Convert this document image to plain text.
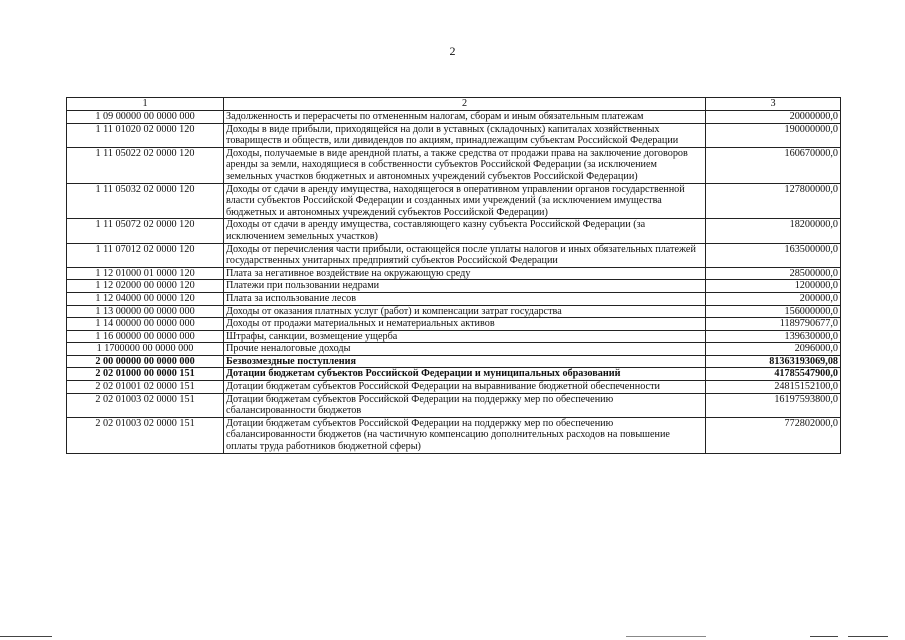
2
1	2	3
1 09 00000 00 0000 000	Задолженность и перерасчеты по отмененным налогам, сборам и иным обязательным платежам	20000000,0
1 11 01020 02 0000 120	Доходы в виде прибыли, приходящейся на доли в уставных (складочных) капиталах хозяйственных товариществ и обществ, или дивидендов по акциям, принадлежащим субъектам Российской Федерации	190000000,0
1 11 05022 02 0000 120	Доходы, получаемые в виде арендной платы, а также средства от продажи права на заключение договоров аренды за земли, находящиеся в собственности субъектов Российской Федерации (за исключением земельных участков бюджетных и автономных учреждений субъектов Российской Федерации)	160670000,0
1 11 05032 02 0000 120	Доходы от сдачи в аренду имущества, находящегося в оперативном управлении органов государственной власти субъектов Российской Федерации и созданных ими учреждений (за исключением имущества бюджетных и автономных учреждений субъектов Российской Федерации)	127800000,0
1 11 05072 02 0000 120	Доходы от сдачи в аренду имущества, составляющего казну субъекта Российской Федерации (за исключением земельных участков)	18200000,0
1 11 07012 02 0000 120	Доходы от перечисления части прибыли, остающейся после уплаты налогов и иных обязательных платежей государственных унитарных предприятий субъектов Российской Федерации	163500000,0
1 12 01000 01 0000 120	Плата за негативное воздействие на окружающую среду	28500000,0
1 12 02000 00 0000 120	Платежи при пользовании недрами	1200000,0
1 12 04000 00 0000 120	Плата за использование лесов	200000,0
1 13 00000 00 0000 000	Доходы от оказания платных услуг (работ) и компенсации затрат государства	156000000,0
1 14 00000 00 0000 000	Доходы от продажи материальных и нематериальных активов	1189790677,0
1 16 00000 00 0000 000	Штрафы, санкции, возмещение ущерба	139630000,0
1 1700000 00 0000 000	Прочие неналоговые доходы	2096000,0
2 00 00000 00 0000 000	Безвозмездные поступления	81363193069,08
2 02 01000 00 0000 151	Дотации бюджетам субъектов Российской Федерации и муниципальных образований	41785547900,0
2 02 01001 02 0000 151	Дотации бюджетам субъектов Российской Федерации на выравнивание бюджетной обеспеченности	24815152100,0
2 02 01003 02 0000 151	Дотации бюджетам субъектов Российской Федерации на поддержку мер по обеспечению сбалансированности бюджетов	16197593800,0
2 02 01003 02 0000 151	Дотации бюджетам субъектов Российской Федерации на поддержку мер по обеспечению сбалансированности бюджетов (на частичную компенсацию дополнительных расходов на повышение оплаты труда работников бюджетной сферы)	772802000,0
